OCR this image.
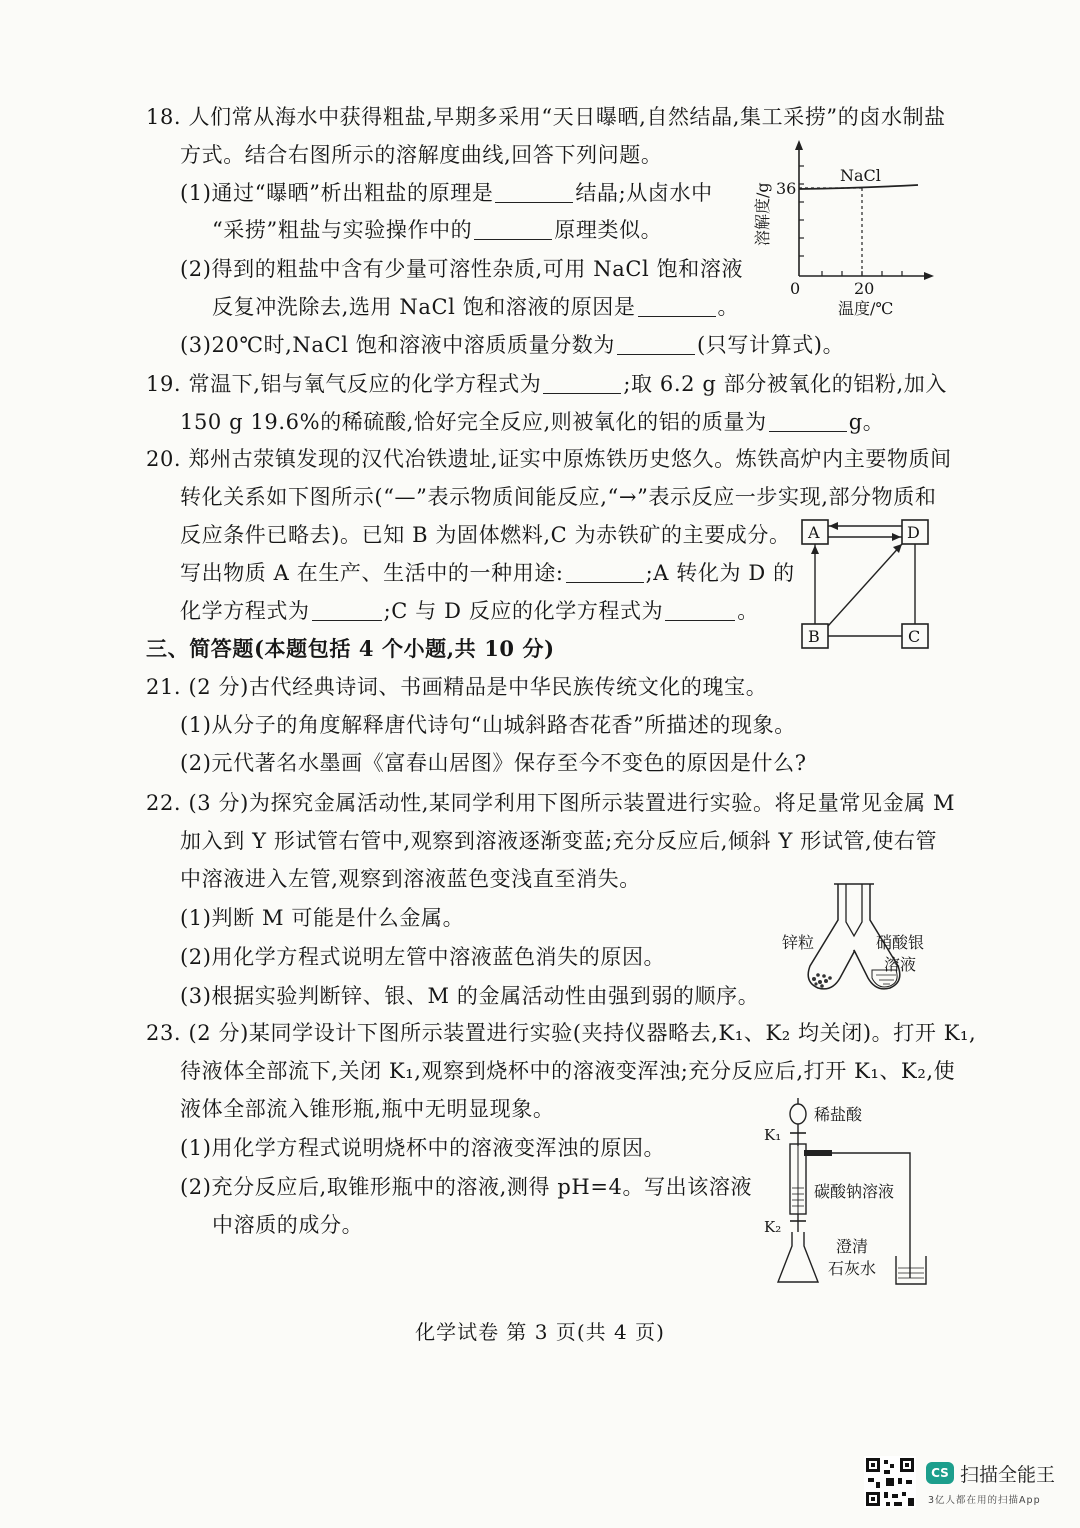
18. 人们常从海水中获得粗盐,早期多采用“天日曝晒,自然结晶,集工采捞”的卤水制盐
方式。结合右图所示的溶解度曲线,回答下列问题。
(1)通过“曝晒”析出粗盐的原理是	结晶;从卤水中
“采捞”粗盐与实验操作中的	原理类似。
(2)得到的粗盐中含有少量可溶性杂质,可用 NaCl 饱和溶液
反复冲洗除去,选用 NaCl 饱和溶液的原因是	。
(3)20℃时,NaCl 饱和溶液中溶质质量分数为	(只写计算式)。
NaCl
36
20
0
温度/℃
溶解度/g
19. 常温下,铝与氧气反应的化学方程式为	;取 6.2 g 部分被氧化的铝粉,加入
150 g 19.6%的稀硫酸,恰好完全反应,则被氧化的铝的质量为	g。
20. 郑州古荥镇发现的汉代冶铁遗址,证实中原炼铁历史悠久。炼铁高炉内主要物质间
转化关系如下图所示(“—”表示物质间能反应,“→”表示反应一步实现,部分物质和
反应条件已略去)。已知 B 为固体燃料,C 为赤铁矿的主要成分。
写出物质 A 在生产、生活中的一种用途:	;A 转化为 D 的
化学方程式为	;C 与 D 反应的化学方程式为	。
A	D
B	C
三、简答题(本题包括 4 个小题,共 10 分)
21. (2 分)古代经典诗词、书画精品是中华民族传统文化的瑰宝。
(1)从分子的角度解释唐代诗句“山城斜路杏花香”所描述的现象。
(2)元代著名水墨画《富春山居图》保存至今不变色的原因是什么?
22. (3 分)为探究金属活动性,某同学利用下图所示装置进行实验。将足量常见金属 M
加入到 Y 形试管右管中,观察到溶液逐渐变蓝;充分反应后,倾斜 Y 形试管,使右管
中溶液进入左管,观察到溶液蓝色变浅直至消失。
(1)判断 M 可能是什么金属。
(2)用化学方程式说明左管中溶液蓝色消失的原因。
(3)根据实验判断锌、银、M 的金属活动性由强到弱的顺序。
锌粒	硝酸银
溶液
23. (2 分)某同学设计下图所示装置进行实验(夹持仪器略去,K₁、K₂ 均关闭)。打开 K₁,
待液体全部流下,关闭 K₁,观察到烧杯中的溶液变浑浊;充分反应后,打开 K₁、K₂,使
液体全部流入锥形瓶,瓶中无明显现象。
(1)用化学方程式说明烧杯中的溶液变浑浊的原因。
(2)充分反应后,取锥形瓶中的溶液,测得 pH=4。写出该溶液
中溶质的成分。
稀盐酸
K₁
碳酸钠溶液
K₂
澄清
石灰水
化学试卷 第 3 页(共 4 页)
CS 扫描全能王
3亿人都在用的扫描App
